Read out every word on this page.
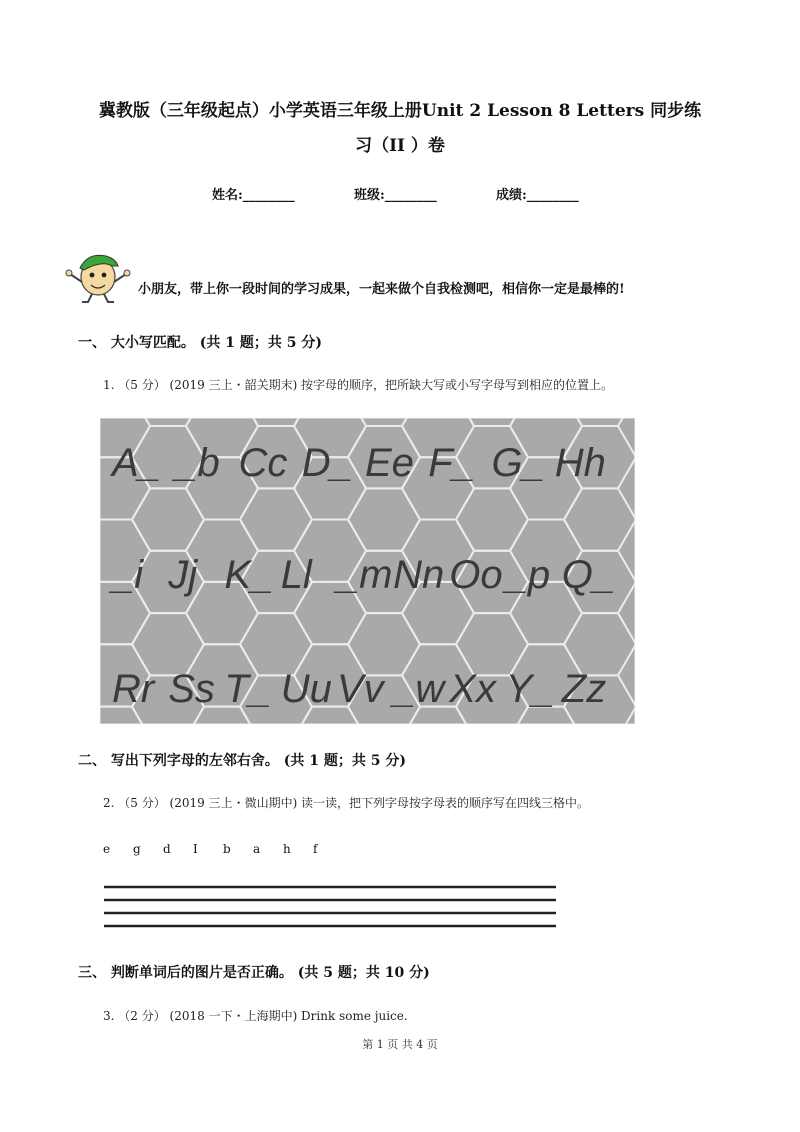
冀教版（三年级起点）小学英语三年级上册Unit 2 Lesson 8 Letters 同步练
习（II ）卷
姓名:________	班级:________	成绩:________
小朋友，带上你一段时间的学习成果，一起来做个自我检测吧，相信你一定是最棒的!
一、 大小写匹配。 (共 1 题；共 5 分)
1. （5 分） (2019 三上・韶关期末) 按字母的顺序，把所缺大写或小写字母写到相应的位置上。
A_ _b Cc D_ Ee F_ G_ Hh
_i Jj K_ Ll _m Nn Oo _p Q_
Rr Ss T_ Uu Vv _w Xx Y_ Zz
二、 写出下列字母的左邻右舍。 (共 1 题；共 5 分)
2. （5 分） (2019 三上・微山期中) 读一读，把下列字母按字母表的顺序写在四线三格中。
e g d I b a h f
三、 判断单词后的图片是否正确。 (共 5 题；共 10 分)
3. （2 分） (2018 一下・上海期中) Drink some juice.
第 1 页 共 4 页
